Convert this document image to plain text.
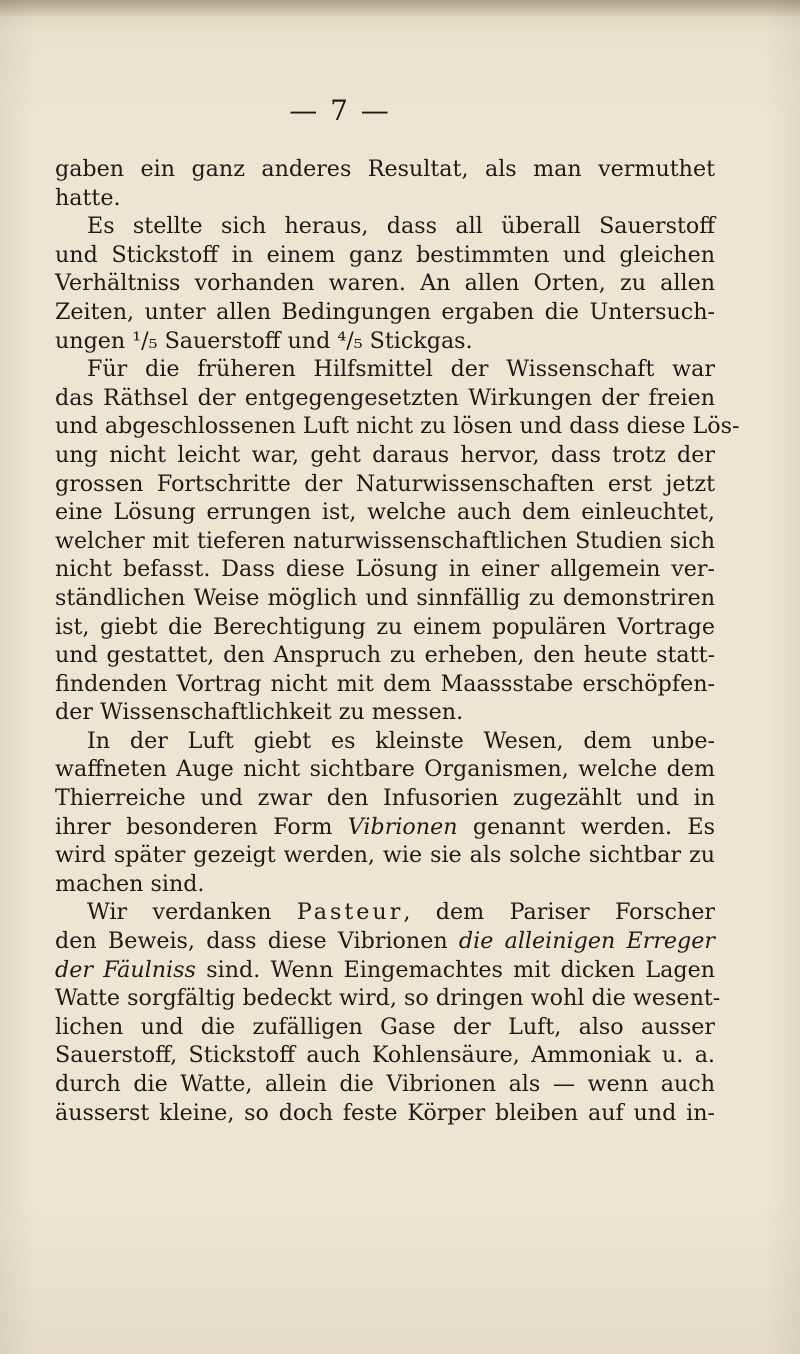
— 7 —
gaben ein ganz anderes Resultat, als man vermuthet
hatte.
Es stellte sich heraus, dass all überall Sauerstoff
und Stickstoff in einem ganz bestimmten und gleichen
Verhältniss vorhanden waren. An allen Orten, zu allen
Zeiten, unter allen Bedingungen ergaben die Untersuch-
ungen ¹/₅ Sauerstoff und ⁴/₅ Stickgas.
Für die früheren Hilfsmittel der Wissenschaft war
das Räthsel der entgegengesetzten Wirkungen der freien
und abgeschlossenen Luft nicht zu lösen und dass diese Lös-
ung nicht leicht war, geht daraus hervor, dass trotz der
grossen Fortschritte der Naturwissenschaften erst jetzt
eine Lösung errungen ist, welche auch dem einleuchtet,
welcher mit tieferen naturwissenschaftlichen Studien sich
nicht befasst. Dass diese Lösung in einer allgemein ver-
ständlichen Weise möglich und sinnfällig zu demonstriren
ist, giebt die Berechtigung zu einem populären Vortrage
und gestattet, den Anspruch zu erheben, den heute statt-
findenden Vortrag nicht mit dem Maassstabe erschöpfen-
der Wissenschaftlichkeit zu messen.
In der Luft giebt es kleinste Wesen, dem unbe-
waffneten Auge nicht sichtbare Organismen, welche dem
Thierreiche und zwar den Infusorien zugezählt und in
ihrer besonderen Form Vibrionen genannt werden. Es
wird später gezeigt werden, wie sie als solche sichtbar zu
machen sind.
Wir verdanken Pasteur, dem Pariser Forscher
den Beweis, dass diese Vibrionen die alleinigen Erreger
der Fäulniss sind. Wenn Eingemachtes mit dicken Lagen
Watte sorgfältig bedeckt wird, so dringen wohl die wesent-
lichen und die zufälligen Gase der Luft, also ausser
Sauerstoff, Stickstoff auch Kohlensäure, Ammoniak u. a.
durch die Watte, allein die Vibrionen als — wenn auch
äusserst kleine, so doch feste Körper bleiben auf und in-
